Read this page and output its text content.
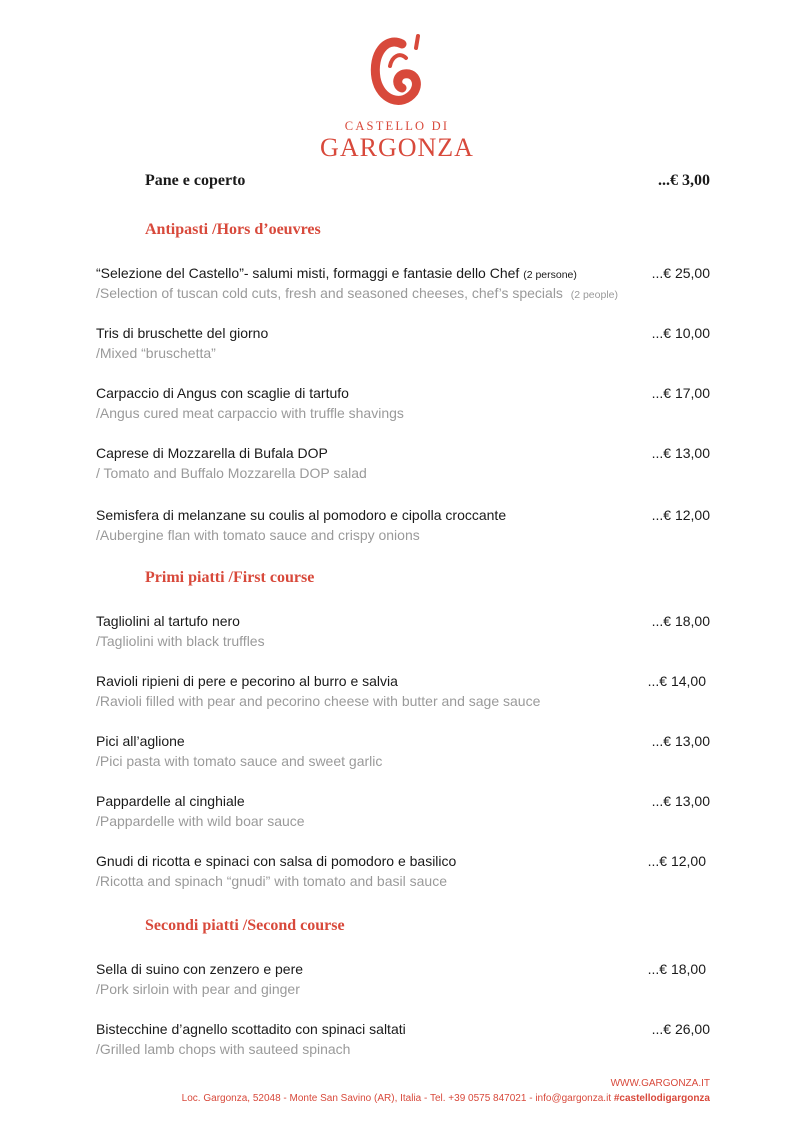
CASTELLO DI
GARGONZA
Pane e coperto	...€ 3,00
Antipasti /Hors d’oeuvres
“Selezione del Castello”- salumi misti, formaggi e fantasie dello Chef (2 persone)
/Selection of tuscan cold cuts, fresh and seasoned cheeses, chef’s specials (2 people)
...€ 25,00
Tris di bruschette del giorno
/Mixed “bruschetta”
...€ 10,00
Carpaccio di Angus con scaglie di tartufo
/Angus cured meat carpaccio with truffle shavings
...€ 17,00
Caprese di Mozzarella di Bufala DOP
/ Tomato and Buffalo Mozzarella DOP salad
...€ 13,00
Semisfera di melanzane su coulis al pomodoro e cipolla croccante
/Aubergine flan with tomato sauce and crispy onions
...€ 12,00
Primi piatti /First course
Tagliolini al tartufo nero
/Tagliolini with black truffles
...€ 18,00
Ravioli ripieni di pere e pecorino al burro e salvia
/Ravioli filled with pear and pecorino cheese with butter and sage sauce
...€ 14,00
Pici all’aglione
/Pici pasta with tomato sauce and sweet garlic
...€ 13,00
Pappardelle al cinghiale
/Pappardelle with wild boar sauce
...€ 13,00
Gnudi di ricotta e spinaci con salsa di pomodoro e basilico
/Ricotta and spinach “gnudi” with tomato and basil sauce
...€ 12,00
Secondi piatti /Second course
Sella di suino con zenzero e pere
/Pork sirloin with pear and ginger
...€ 18,00
Bistecchine d’agnello scottadito con spinaci saltati
/Grilled lamb chops with sauteed spinach
...€ 26,00
WWW.GARGONZA.IT
Loc. Gargonza, 52048 - Monte San Savino (AR), Italia - Tel. +39 0575 847021 - info@gargonza.it #castellodigargonza
